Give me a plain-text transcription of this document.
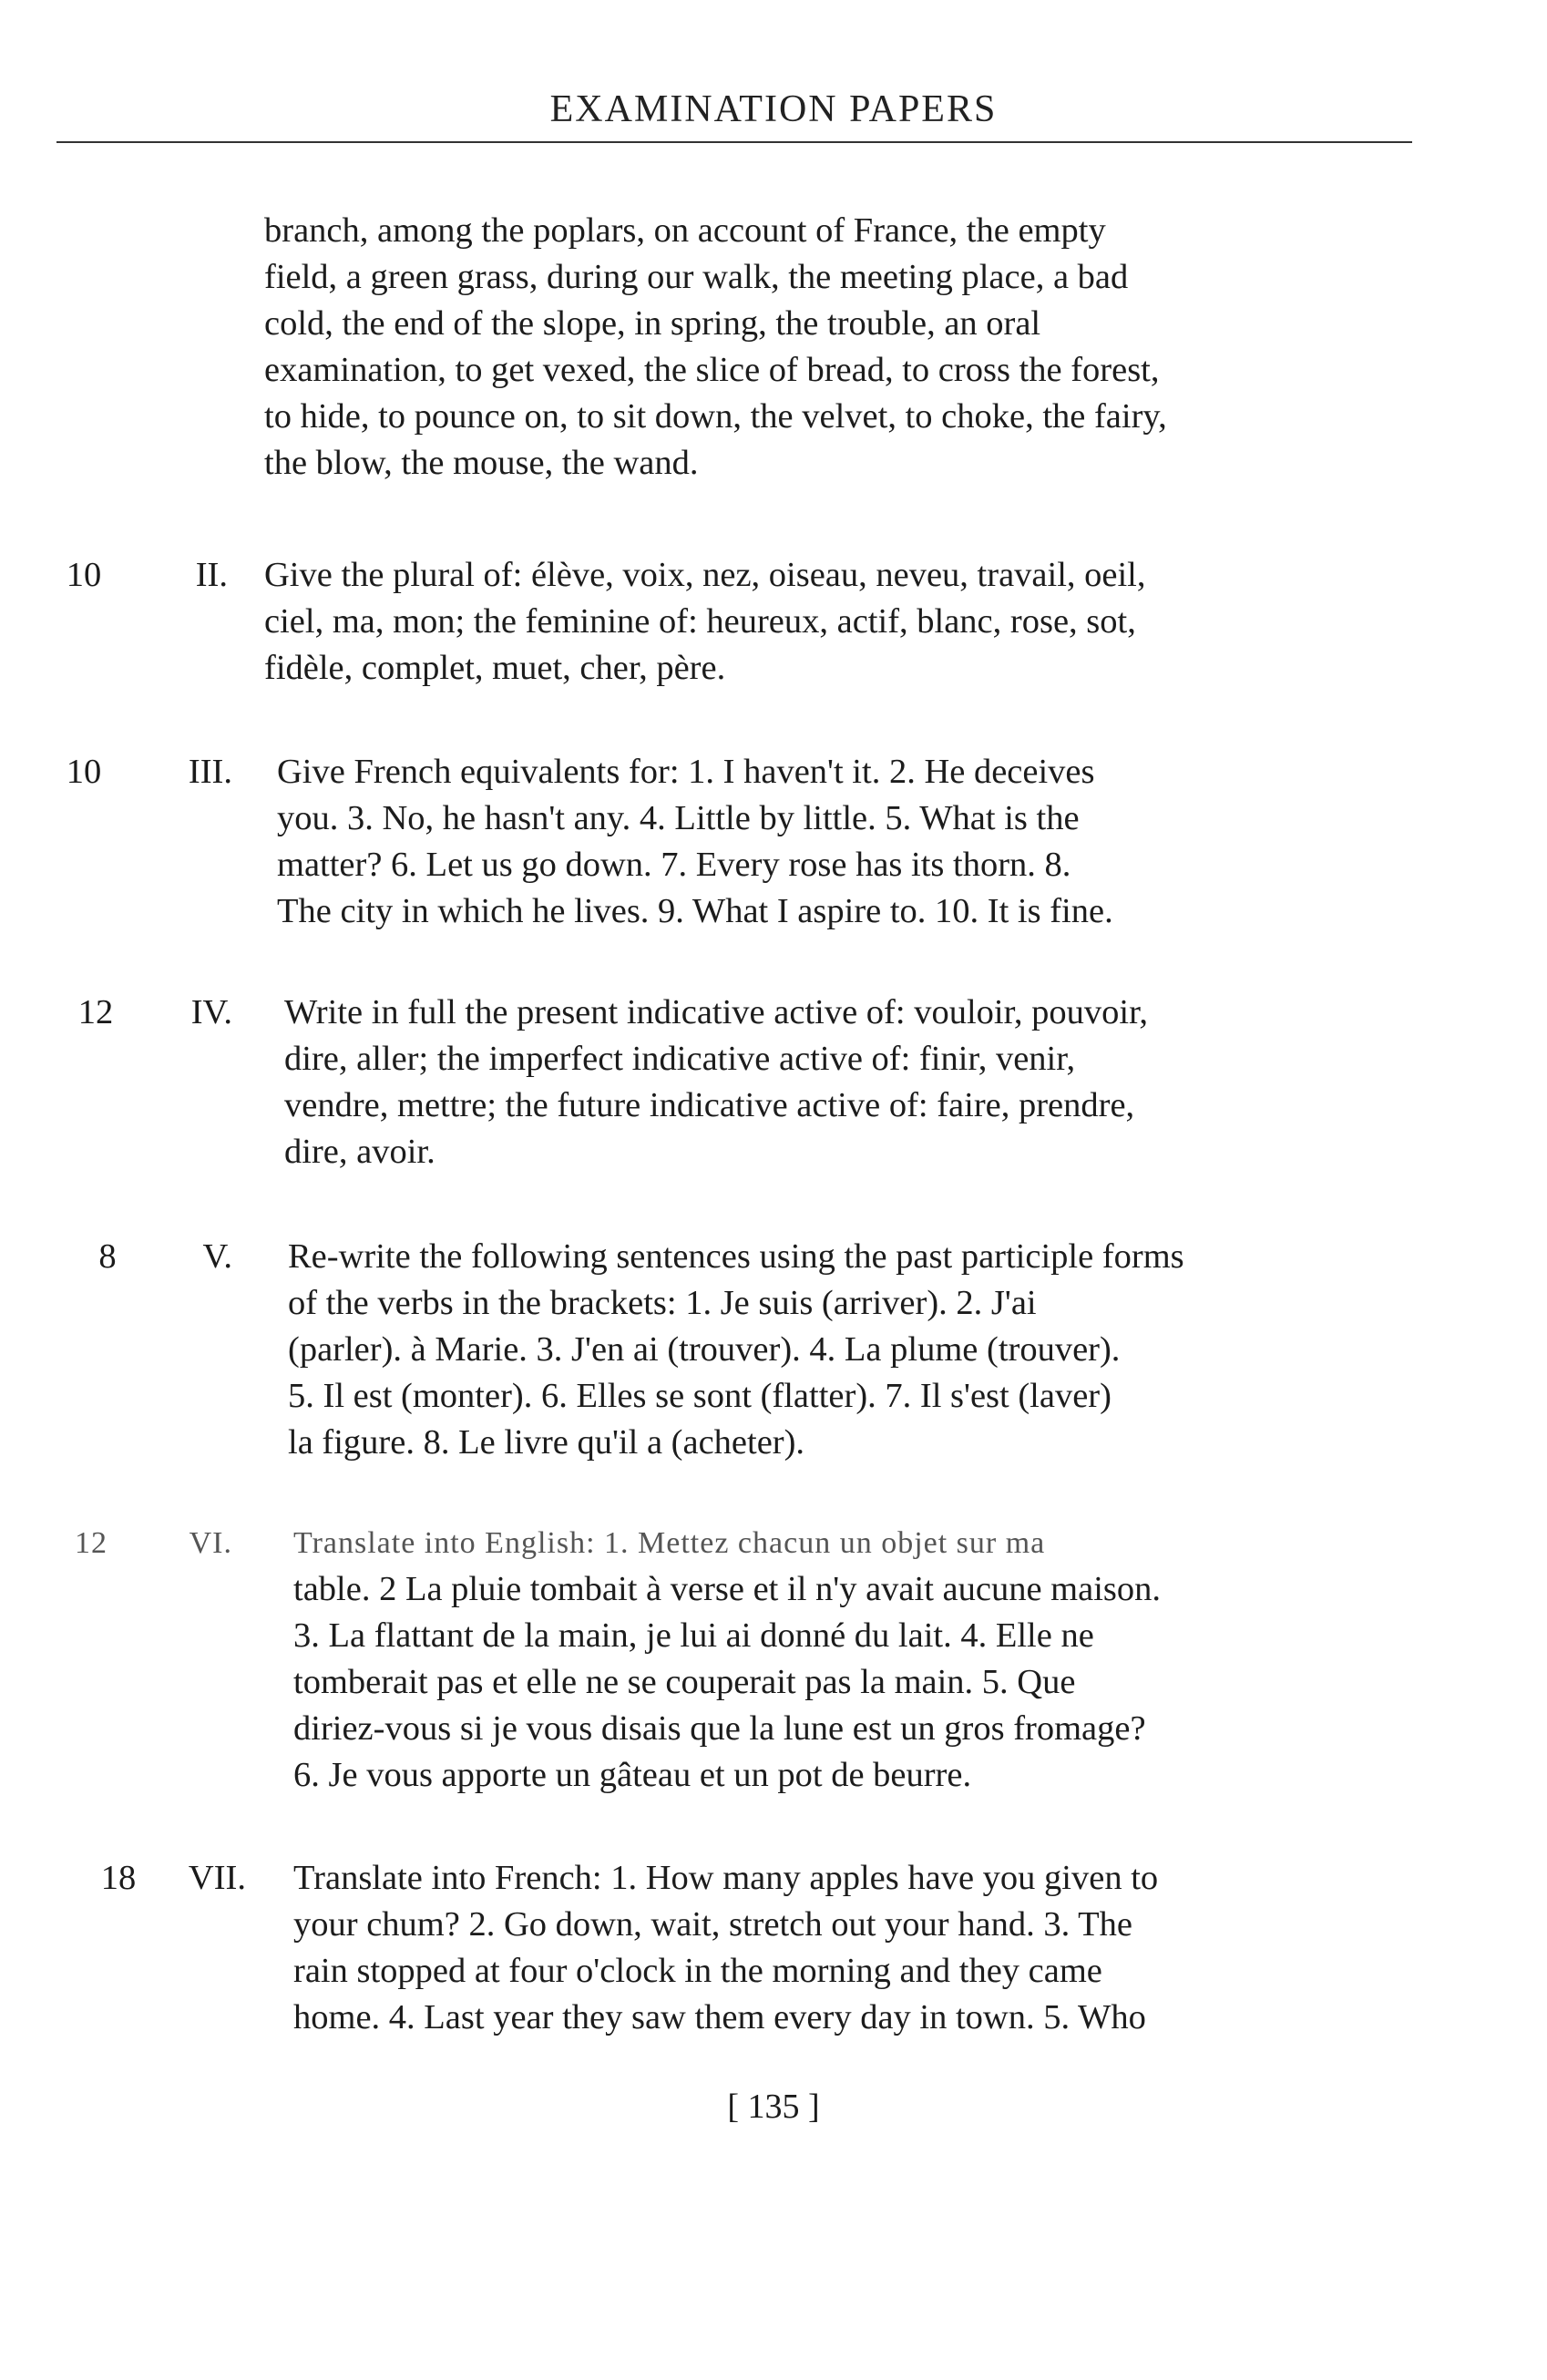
EXAMINATION PAPERS
branch, among the poplars, on account of France, the empty
field, a green grass, during our walk, the meeting place, a bad
cold, the end of the slope, in spring, the trouble, an oral
examination, to get vexed, the slice of bread, to cross the forest,
to hide, to pounce on, to sit down, the velvet, to choke, the fairy,
the blow, the mouse, the wand.
10	II. Give the plural of: élève, voix, nez, oiseau, neveu, travail, oeil,
ciel, ma, mon; the feminine of: heureux, actif, blanc, rose, sot,
fidèle, complet, muet, cher, père.
10	III. Give French equivalents for: 1. I haven't it. 2. He deceives
you. 3. No, he hasn't any. 4. Little by little. 5. What is the
matter? 6. Let us go down. 7. Every rose has its thorn. 8.
The city in which he lives. 9. What I aspire to. 10. It is fine.
12	IV. Write in full the present indicative active of: vouloir, pouvoir,
dire, aller; the imperfect indicative active of: finir, venir,
vendre, mettre; the future indicative active of: faire, prendre,
dire, avoir.
8	V. Re-write the following sentences using the past participle forms
of the verbs in the brackets: 1. Je suis (arriver). 2. J'ai
(parler). à Marie. 3. J'en ai (trouver). 4. La plume (trouver).
5. Il est (monter). 6. Elles se sont (flatter). 7. Il s'est (laver)
la figure. 8. Le livre qu'il a (acheter).
12	VI. Translate into English: 1. Mettez chacun un objet sur ma
table. 2 La pluie tombait à verse et il n'y avait aucune maison.
3. La flattant de la main, je lui ai donné du lait. 4. Elle ne
tomberait pas et elle ne se couperait pas la main. 5. Que
diriez-vous si je vous disais que la lune est un gros fromage?
6. Je vous apporte un gâteau et un pot de beurre.
18	VII. Translate into French: 1. How many apples have you given to
your chum? 2. Go down, wait, stretch out your hand. 3. The
rain stopped at four o'clock in the morning and they came
home. 4. Last year they saw them every day in town. 5. Who
[ 135 ]
